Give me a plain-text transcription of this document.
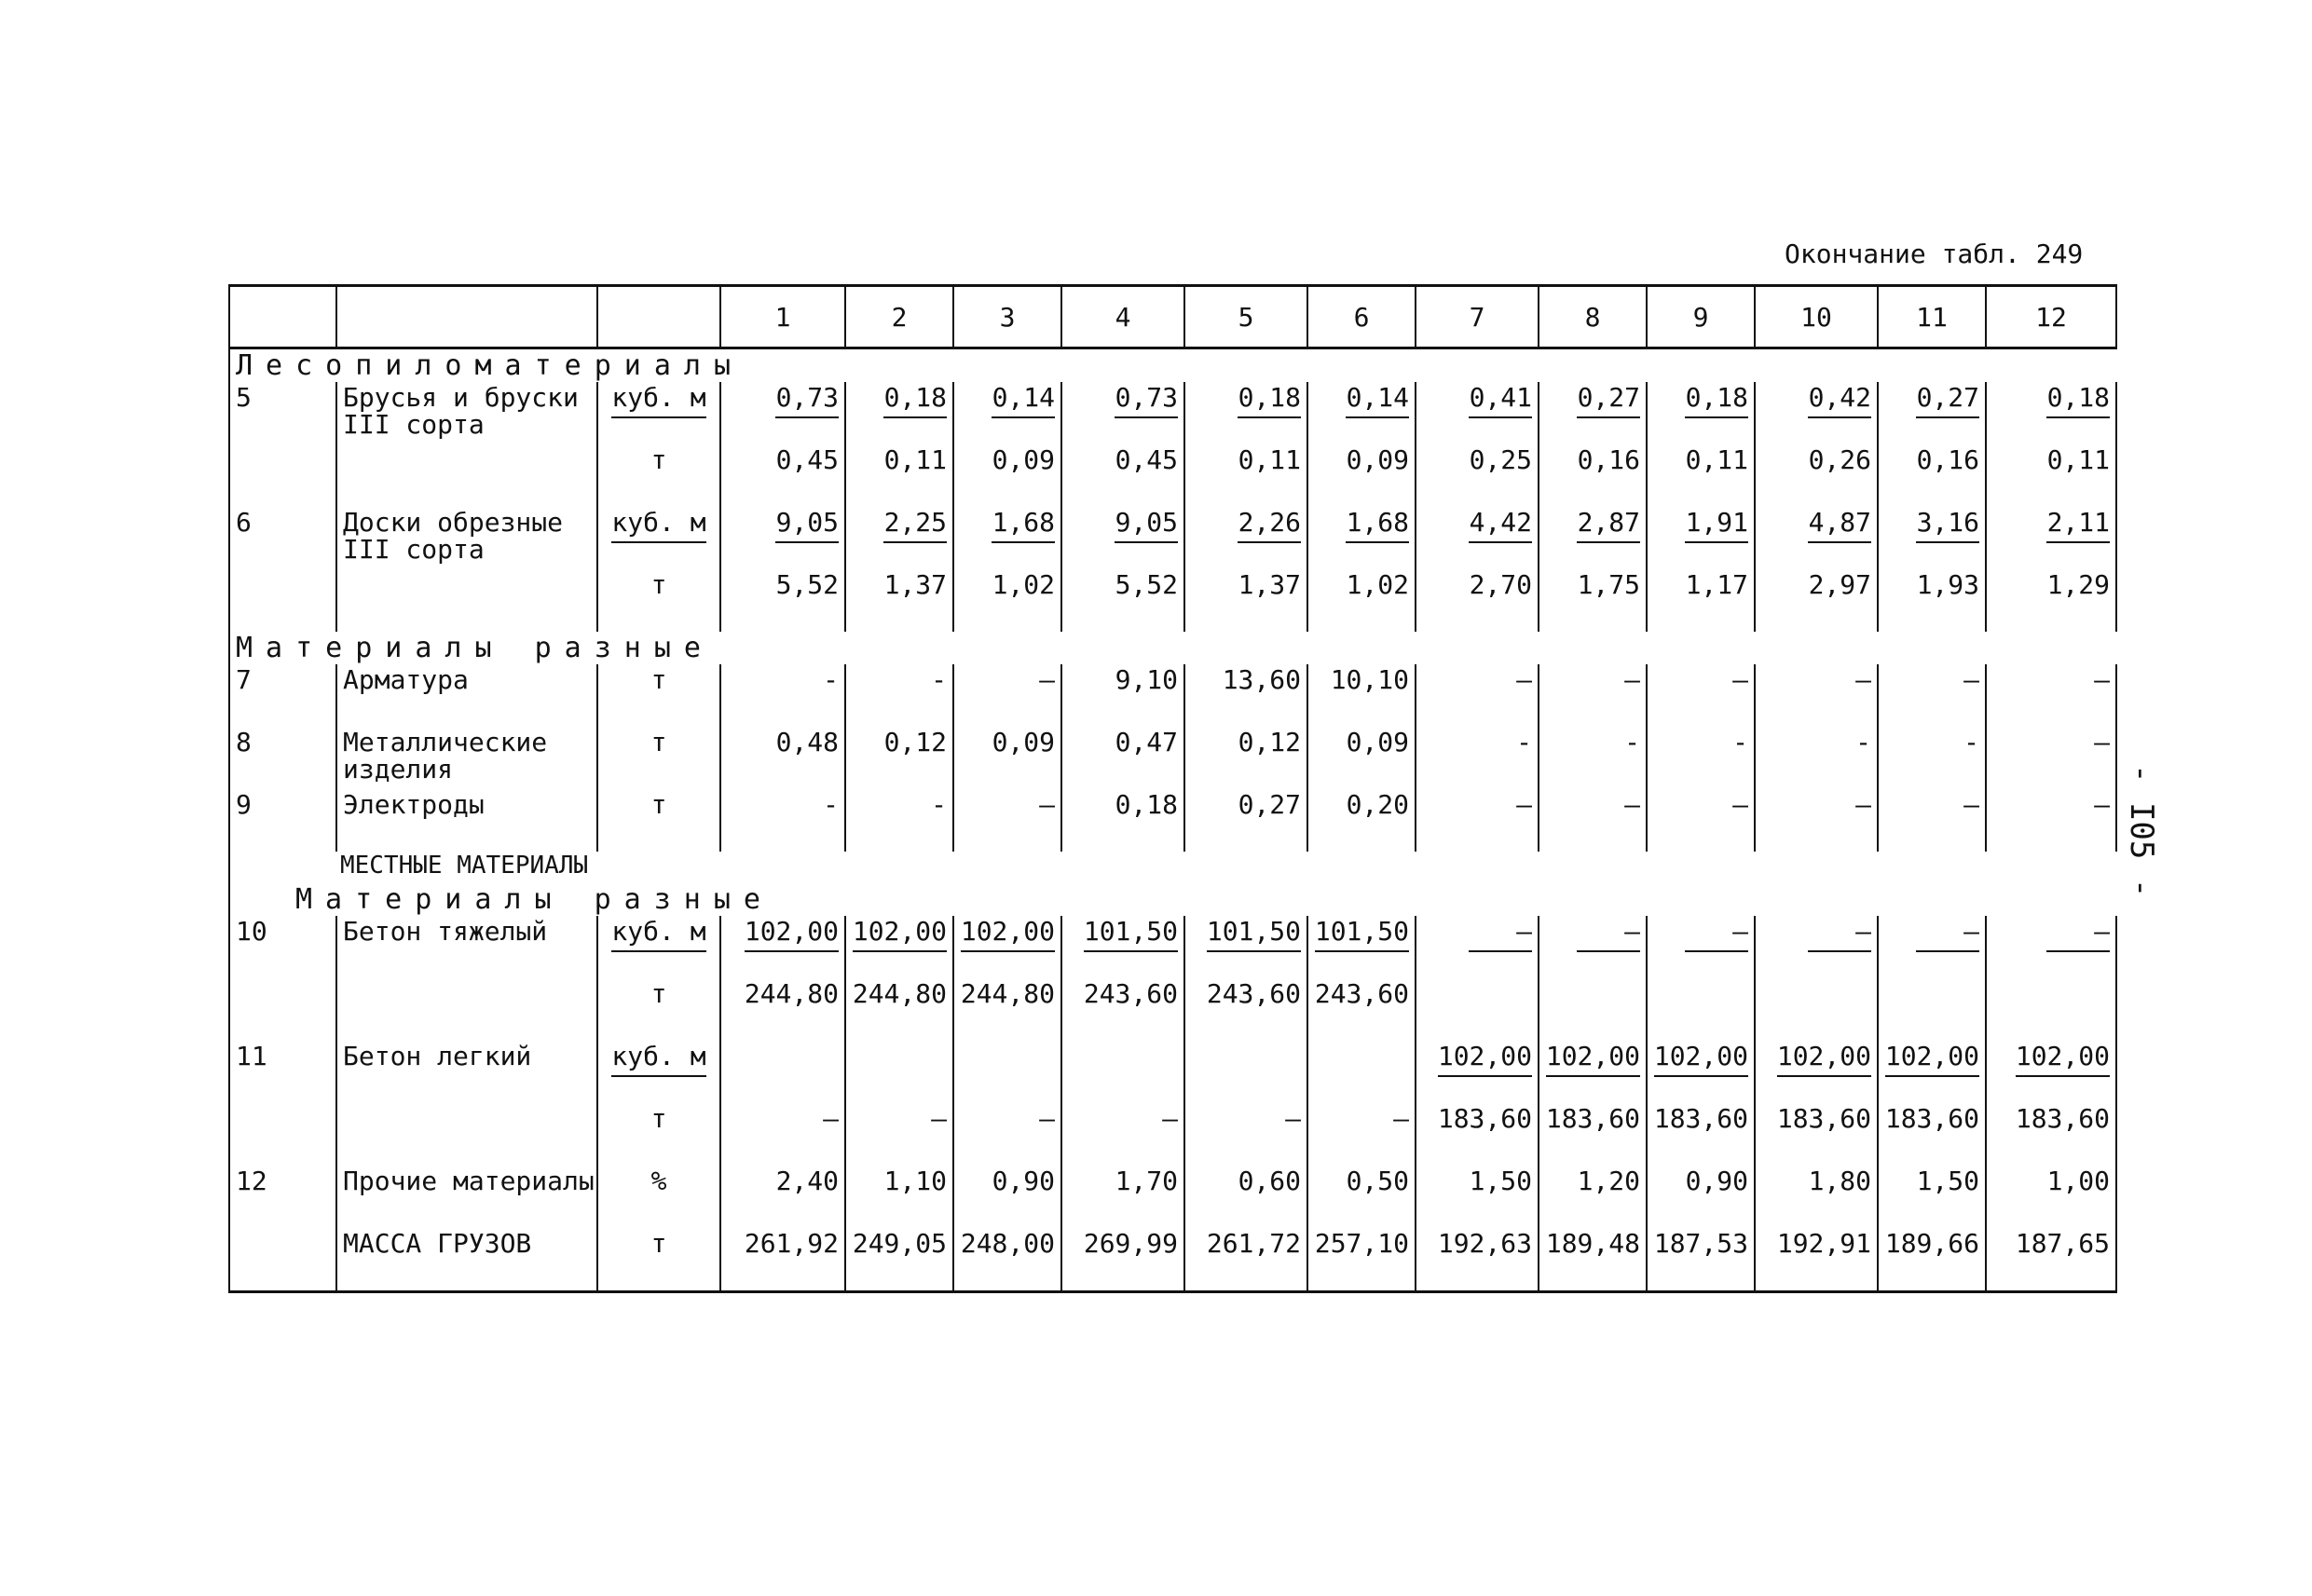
Окончание табл. 249
			1	2	3	4	5	6	7	8	9	10	11	12
Лесопиломатериалы														
5	Брусья и бруски
III сорта	куб. м	0,73	0,18	0,14	0,73	0,18	0,14	0,41	0,27	0,18	0,42	0,27	0,18
		т	0,45	0,11	0,09	0,45	0,11	0,09	0,25	0,16	0,11	0,26	0,16	0,11
6	Доски обрезные
III сорта	куб. м	9,05	2,25	1,68	9,05	2,26	1,68	4,42	2,87	1,91	4,87	3,16	2,11
		т	5,52	1,37	1,02	5,52	1,37	1,02	2,70	1,75	1,17	2,97	1,93	1,29
Материалы разные														
7	Арматура	т	-	-	–	9,10	13,60	10,10	–	–	–	–	–	–
8	Металлические
изделия	т	0,48	0,12	0,09	0,47	0,12	0,09	-	-	-	-	-	–
9	Электроды	т	-	-	–	0,18	0,27	0,20	–	–	–	–	–	–
МЕСТНЫЕ МАТЕРИАЛЫ														
Материалы разные														
10	Бетон тяжелый	куб. м	102,00	102,00	102,00	101,50	101,50	101,50	–	–	–	–	–	–
		т	244,80	244,80	244,80	243,60	243,60	243,60						
11	Бетон легкий	куб. м							102,00	102,00	102,00	102,00	102,00	102,00
		т	–	–	–	–	–	–	183,60	183,60	183,60	183,60	183,60	183,60
12	Прочие материалы	%	2,40	1,10	0,90	1,70	0,60	0,50	1,50	1,20	0,90	1,80	1,50	1,00

	МАССА ГРУЗОВ	т	261,92	249,05	248,00	269,99	261,72	257,10	192,63	189,48	187,53	192,91	189,66	187,65
- I05 -
